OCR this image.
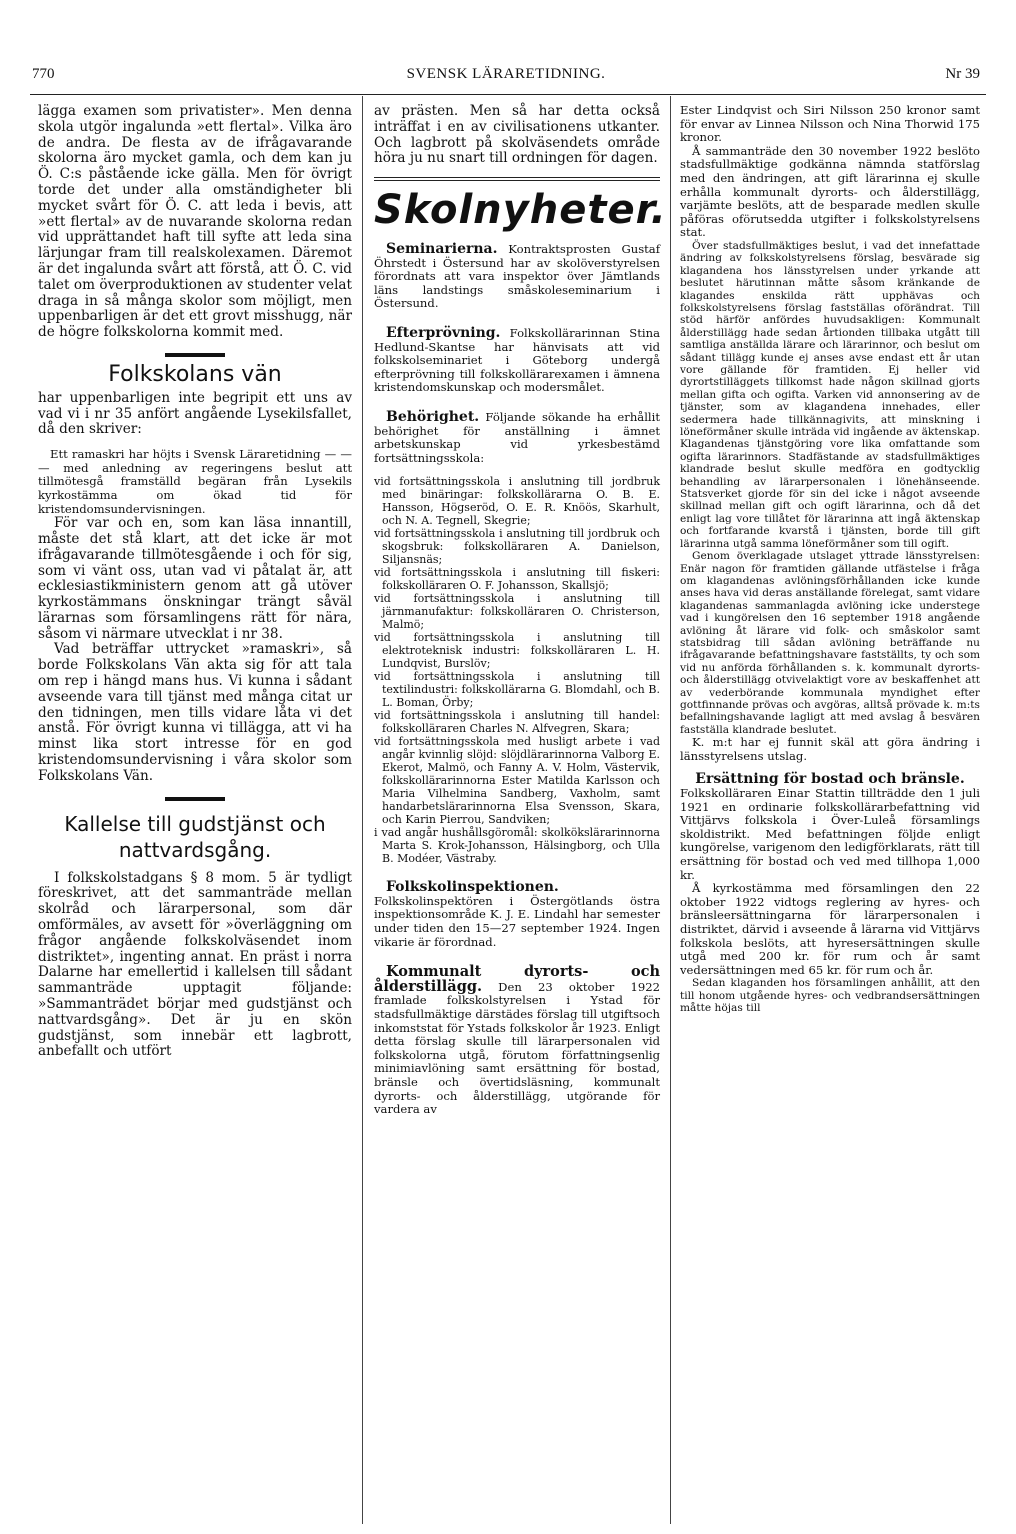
770	SVENSK LÄRARETIDNING.	Nr 39

lägga examen som privatister». Men denna skola utgör ingalunda »ett flertal». Vilka äro de andra. De flesta av de ifrågavarande skolorna äro mycket gamla, och dem kan ju Ö. C:s påstående icke gälla. Men för övrigt torde det under alla omständigheter bli mycket svårt för Ö. C. att leda i bevis, att »ett flertal» av de nuvarande skolorna redan vid upprättandet haft till syfte att leda sina lärjungar fram till realskolexamen. Däremot är det ingalunda svårt att förstå, att Ö. C. vid talet om överproduktionen av studenter velat draga in så många skolor som möjligt, men uppenbarligen är det ett grovt misshugg, när de högre folkskolorna kommit med.

Folkskolans vän

har uppenbarligen inte begripit ett uns av vad vi i nr 35 anfört angående Lysekilsfallet, då den skriver:

Ett ramaskri har höjts i Svensk Läraretidning — — — med anledning av regeringens beslut att tillmötesgå framställd begäran från Lysekils kyrkostämma om ökad tid för kristendomsundervisningen.

För var och en, som kan läsa innantill, måste det stå klart, att det icke är mot ifrågavarande tillmötesgående i och för sig, som vi vänt oss, utan vad vi påtalat är, att ecklesiastikministern genom att gå utöver kyrkostämmans önskningar trängt såväl lärarnas som församlingens rätt för nära, såsom vi närmare utvecklat i nr 38.

Vad beträffar uttrycket »ramaskri», så borde Folkskolans Vän akta sig för att tala om rep i hängd mans hus. Vi kunna i sådant avseende vara till tjänst med många citat ur den tidningen, men tills vidare låta vi det anstå. För övrigt kunna vi tillägga, att vi ha minst lika stort intresse för en god kristendomsundervisning i våra skolor som Folkskolans Vän.

Kallelse till gudstjänst och nattvardsgång.

I folkskolstadgans § 8 mom. 5 är tydligt föreskrivet, att det sammanträde mellan skolråd och lärarpersonal, som där omförmäles, av avsett för »överläggning om frågor angående folkskolväsendet inom distriktet», ingenting annat. En präst i norra Dalarne har emellertid i kallelsen till sådant sammanträde upptagit följande: »Sammanträdet börjar med gudstjänst och nattvardsgång». Det är ju en skön gudstjänst, som innebär ett lagbrott, anbefallt och utfört

av prästen. Men så har detta också inträffat i en av civilisationens utkanter. Och lagbrott på skolväsendets område höra ju nu snart till ordningen för dagen.

Skolnyheter.

Seminarierna. Kontraktsprosten Gustaf Öhrstedt i Östersund har av skolöverstyrelsen förordnats att vara inspektor över Jämtlands läns landstings småskoleseminarium i Östersund.

Efterprövning. Folkskollärarinnan Stina Hedlund-Skantse har hänvisats att vid folkskolseminariet i Göteborg undergå efterprövning till folkskollärarexamen i ämnena kristendomskunskap och modersmålet.

Behörighet. Följande sökande ha erhållit behörighet för anställning i ämnet arbetskunskap vid yrkesbestämd fortsättningsskola:

vid fortsättningsskola i anslutning till jordbruk med binäringar: folkskollärarna O. B. E. Hansson, Högseröd, O. E. R. Knöös, Skarhult, och N. A. Tegnell, Skegrie;

vid fortsättningsskola i anslutning till jordbruk och skogsbruk: folkskolläraren A. Danielson, Siljansnäs;

vid fortsättningsskola i anslutning till fiskeri: folkskolläraren O. F. Johansson, Skallsjö;

vid fortsättningsskola i anslutning till järnmanufaktur: folkskolläraren O. Christerson, Malmö;

vid fortsättningsskola i anslutning till elektroteknisk industri: folkskolläraren L. H. Lundqvist, Burslöv;

vid fortsättningsskola i anslutning till textilindustri: folkskollärarna G. Blomdahl, och B. L. Boman, Örby;

vid fortsättningsskola i anslutning till handel: folkskolläraren Charles N. Alfvegren, Skara;

vid fortsättningsskola med husligt arbete i vad angår kvinnlig slöjd: slöjdlärarinnorna Valborg E. Ekerot, Malmö, och Fanny A. V. Holm, Västervik, folkskollärarinnorna Ester Matilda Karlsson och Maria Vilhelmina Sandberg, Vaxholm, samt handarbetslärarinnorna Elsa Svensson, Skara, och Karin Pierrou, Sandviken;

i vad angår hushållsgöromål: skolkökslärarinnorna Marta S. Krok-Johansson, Hälsingborg, och Ulla B. Modéer, Västraby.

Folkskolinspektionen. Folkskolinspektören i Östergötlands östra inspektionsområde K. J. E. Lindahl har semester under tiden den 15—27 september 1924. Ingen vikarie är förordnad.

Kommunalt dyrorts- och ålderstillägg. Den 23 oktober 1922 framlade folkskolstyrelsen i Ystad för stadsfullmäktige därstädes förslag till utgiftsoch inkomststat för Ystads folkskolor år 1923. Enligt detta förslag skulle till lärarpersonalen vid folkskolorna utgå, förutom författningsenlig minimiavlöning samt ersättning för bostad, bränsle och övertidsläsning, kommunalt dyrorts- och ålderstillägg, utgörande för vardera av

Ester Lindqvist och Siri Nilsson 250 kronor samt för envar av Linnea Nilsson och Nina Thorwid 175 kronor.

Å sammanträde den 30 november 1922 beslöto stadsfullmäktige godkänna nämnda statförslag med den ändringen, att gift lärarinna ej skulle erhålla kommunalt dyrorts- och ålderstillägg, varjämte beslöts, att de besparade medlen skulle påföras oförutsedda utgifter i folkskolstyrelsens stat.

Över stadsfullmäktiges beslut, i vad det innefattade ändring av folkskolstyrelsens förslag, besvärade sig klagandena hos länsstyrelsen under yrkande att beslutet härutinnan måtte såsom kränkande de klagandes enskilda rätt upphävas och folkskolstyrelsens förslag fastställas oförändrat. Till stöd härför anfördes huvudsakligen: Kommunalt ålderstillägg hade sedan årtionden tillbaka utgått till samtliga anställda lärare och lärarinnor, och beslut om sådant tillägg kunde ej anses avse endast ett år utan vore gällande för framtiden. Ej heller vid dyrortstilläggets tillkomst hade någon skillnad gjorts mellan gifta och ogifta. Varken vid annonsering av de tjänster, som av klagandena innehades, eller sedermera hade tillkännagivits, att minskning i löneförmåner skulle inträda vid ingående av äktenskap. Klagandenas tjänstgöring vore lika omfattande som ogifta lärarinnors. Stadfästande av stadsfullmäktiges klandrade beslut skulle medföra en godtycklig behandling av lärarpersonalen i lönehänseende. Statsverket gjorde för sin del icke i något avseende skillnad mellan gift och ogift lärarinna, och då det enligt lag vore tillåtet för lärarinna att ingå äktenskap och fortfarande kvarstå i tjänsten, borde till gift lärarinna utgå samma löneförmåner som till ogift.

Genom överklagade utslaget yttrade länsstyrelsen: Enär nagon för framtiden gällande utfästelse i fråga om klagandenas avlöningsförhållanden icke kunde anses hava vid deras anställande förelegat, samt vidare klagandenas sammanlagda avlöning icke understege vad i kungörelsen den 16 september 1918 angående avlöning åt lärare vid folk- och småskolor samt statsbidrag till sådan avlöning beträffande nu ifrågavarande befattningshavare fastställts, ty och som vid nu anförda förhållanden s. k. kommunalt dyrorts- och ålderstillägg otvivelaktigt vore av beskaffenhet att av vederbörande kommunala myndighet efter gottfinnande prövas och avgöras, alltså prövade k. m:ts befallningshavande lagligt att med avslag å besvären fastställa klandrade beslutet.

K. m:t har ej funnit skäl att göra ändring i länsstyrelsens utslag.

Ersättning för bostad och bränsle.

Folkskolläraren Einar Stattin tillträdde den 1 juli 1921 en ordinarie folkskollärarbefattning vid Vittjärvs folkskola i Över-Luleå församlings skoldistrikt. Med befattningen följde enligt kungörelse, varigenom den ledigförklarats, rätt till ersättning för bostad och ved med tillhopa 1,000 kr.

Å kyrkostämma med församlingen den 22 oktober 1922 vidtogs reglering av hyres- och bränsleersättningarna för lärarpersonalen i distriktet, därvid i avseende å lärarna vid Vittjärvs folkskola beslöts, att hyresersättningen skulle utgå med 200 kr. för rum och år samt vedersättningen med 65 kr. för rum och år.

Sedan klaganden hos församlingen anhållit, att den till honom utgående hyres- och vedbrandsersättningen måtte höjas till
